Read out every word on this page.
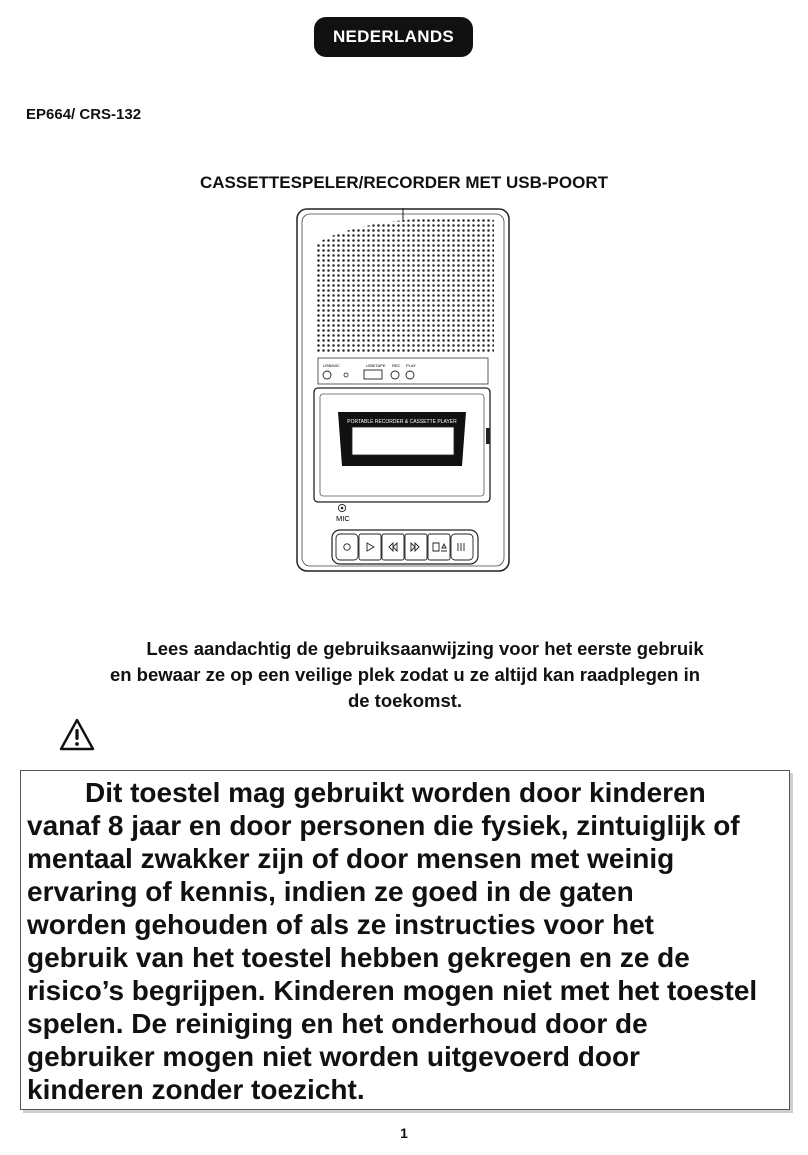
NEDERLANDS
EP664/ CRS-132
CASSETTESPELER/RECORDER MET USB-POORT
USB/MIC	USB/TAPE REC PLAY
PORTABLE RECORDER & CASSETTE PLAYER
MIC
Lees aandachtig de gebruiksaanwijzing voor het eerste gebruik
en bewaar ze op een veilige plek zodat u ze altijd kan raadplegen in
de toekomst.
Dit toestel mag gebruikt worden door kinderen
vanaf 8 jaar en door personen die fysiek, zintuiglijk of
mentaal zwakker zijn of door mensen met weinig
ervaring of kennis, indien ze goed in de gaten
worden gehouden of als ze instructies voor het
gebruik van het toestel hebben gekregen en ze de
risico’s begrijpen. Kinderen mogen niet met het toestel
spelen. De reiniging en het onderhoud door de
gebruiker mogen niet worden uitgevoerd door
kinderen zonder toezicht.
1
